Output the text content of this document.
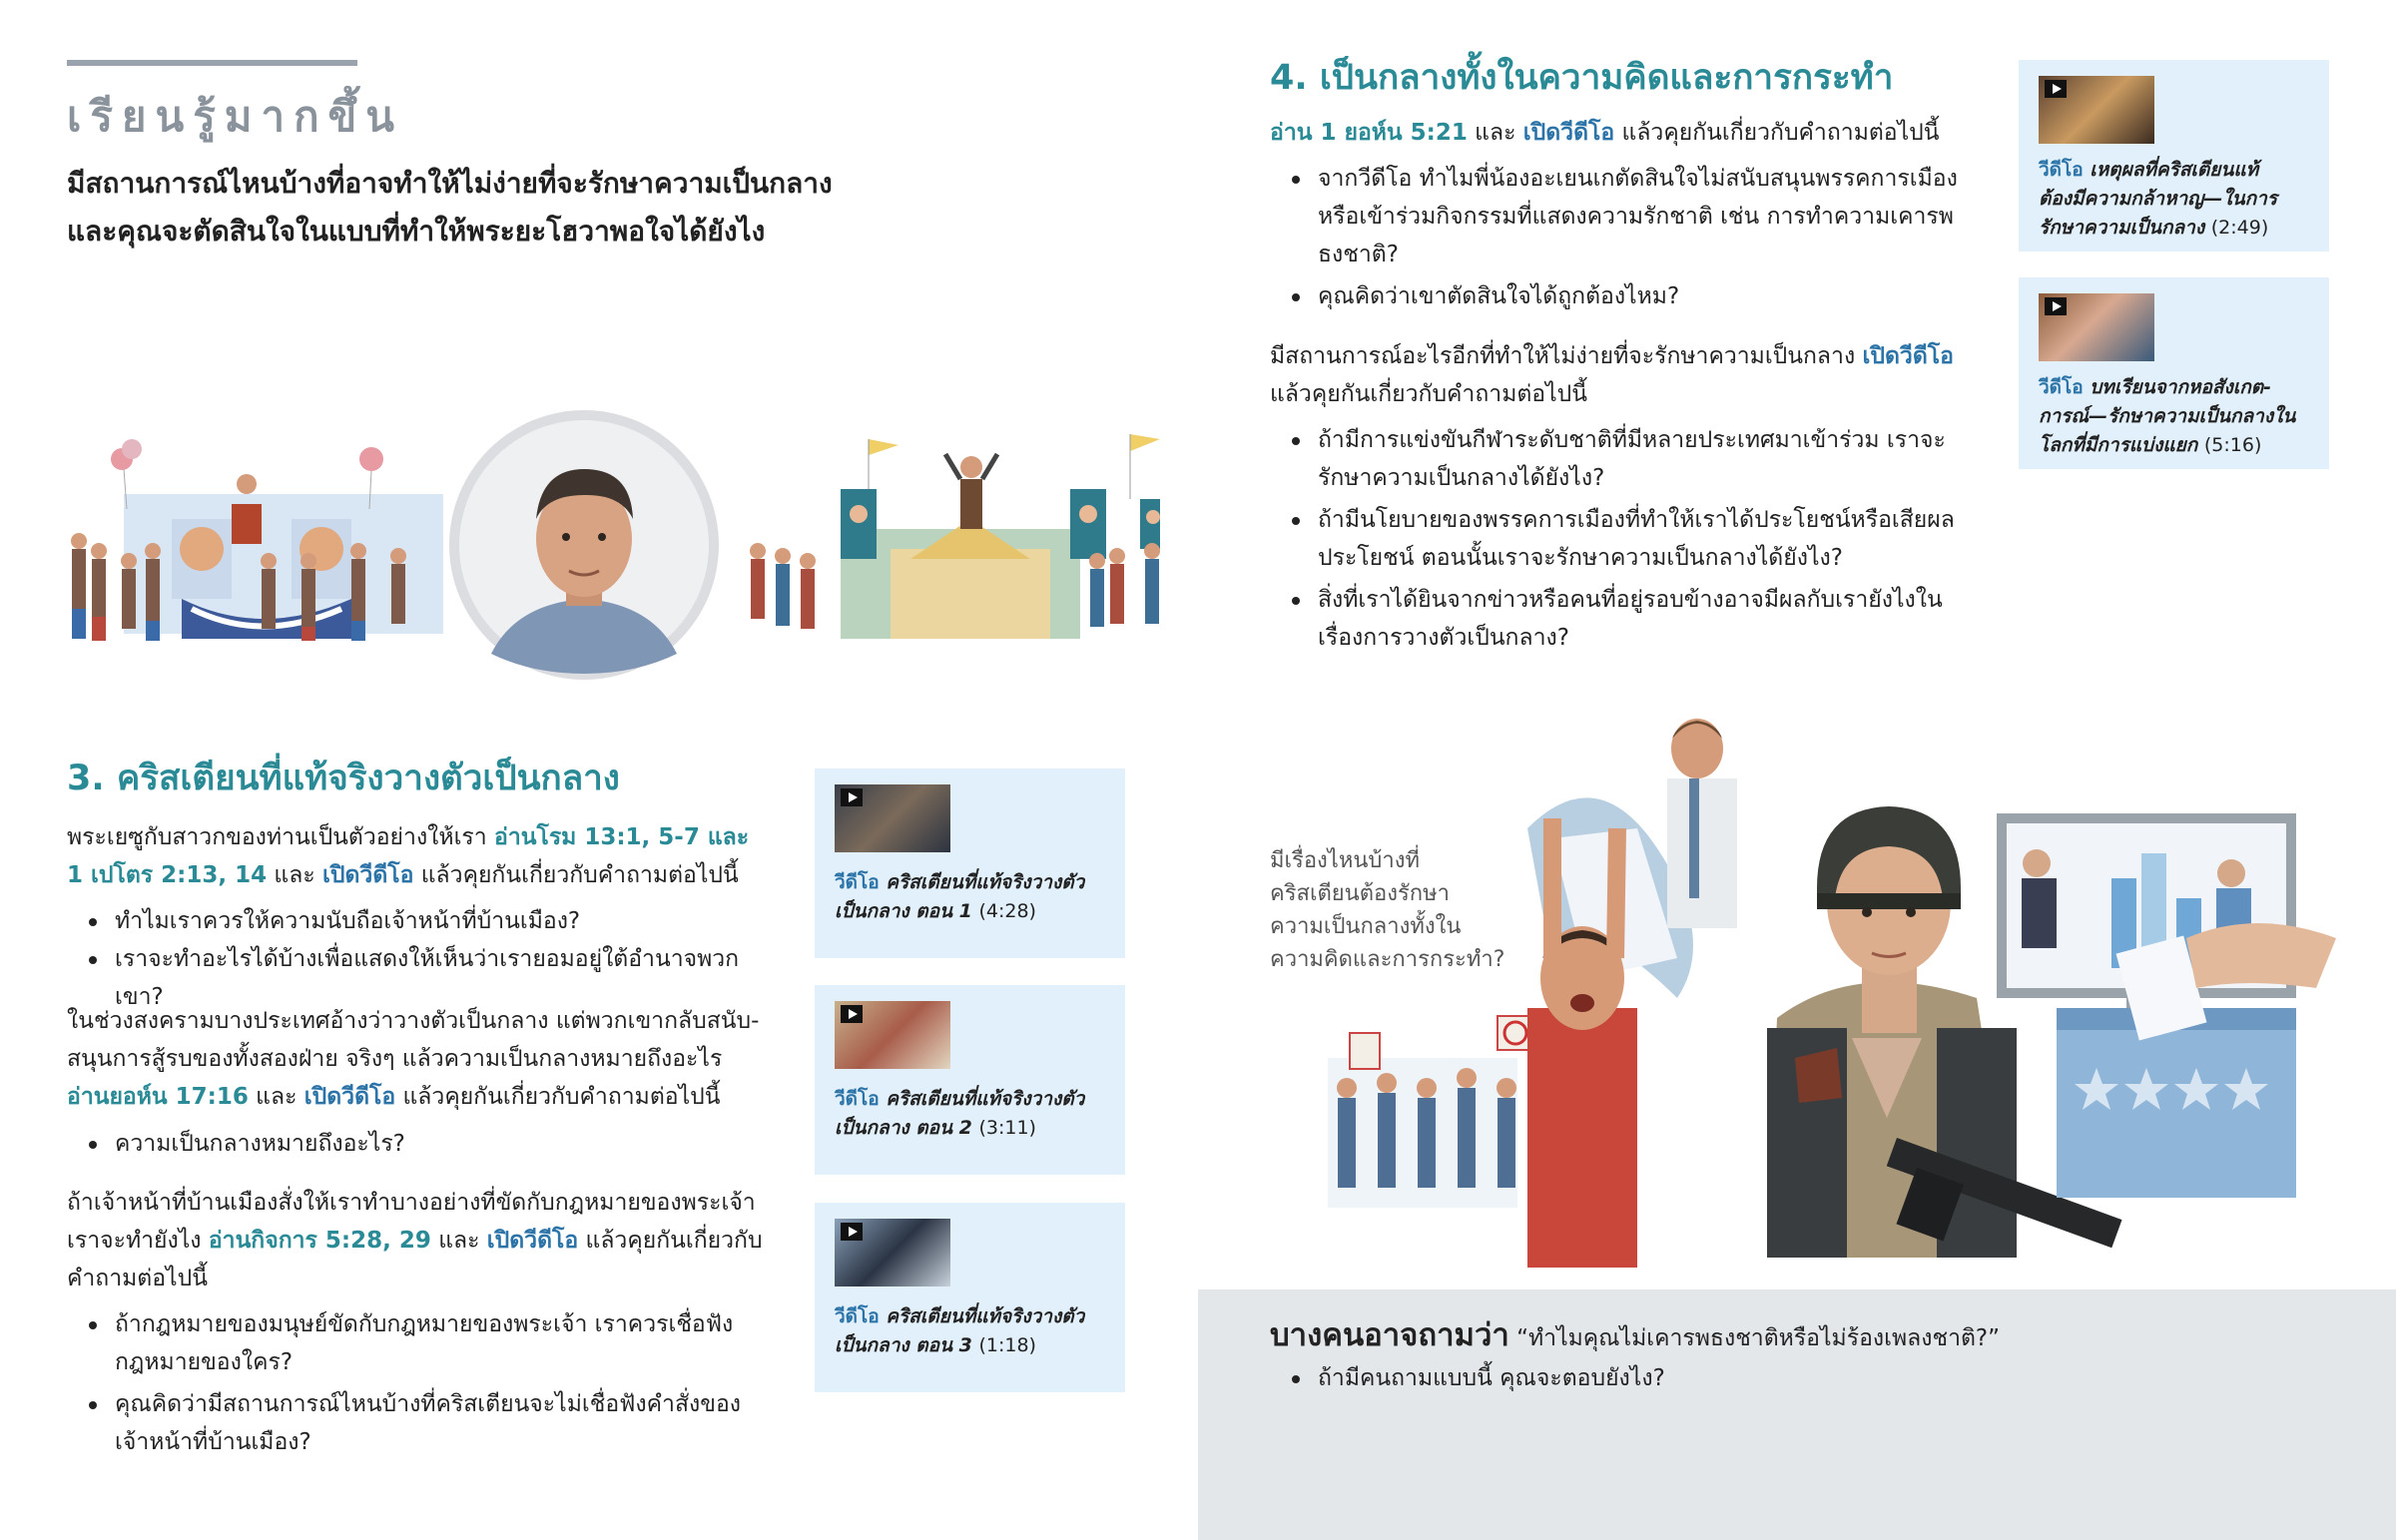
เรียนรู้มากขึ้น
มีสถานการณ์ไหนบ้างที่อาจทำให้ไม่ง่ายที่จะรักษาความเป็นกลาง
และคุณจะตัดสินใจในแบบที่ทำให้พระยะโฮวาพอใจได้ยังไง
3. คริสเตียนที่แท้จริงวางตัวเป็นกลาง
พระเยซูกับสาวกของท่านเป็นตัวอย่างให้เรา อ่านโรม 13:1, 5-7 และ
1 เปโตร 2:13, 14 และ เปิดวีดีโอ แล้วคุยกันเกี่ยวกับคำถามต่อไปนี้
ทำไมเราควรให้ความนับถือเจ้าหน้าที่บ้านเมือง?
เราจะทำอะไรได้บ้างเพื่อแสดงให้เห็นว่าเรายอมอยู่ใต้อำนาจพวกเขา?
ในช่วงสงครามบางประเทศอ้างว่าวางตัวเป็นกลาง แต่พวกเขากลับสนับ-
สนุนการสู้รบของทั้งสองฝ่าย จริงๆ แล้วความเป็นกลางหมายถึงอะไร
อ่านยอห์น 17:16 และ เปิดวีดีโอ แล้วคุยกันเกี่ยวกับคำถามต่อไปนี้
ความเป็นกลางหมายถึงอะไร?
ถ้าเจ้าหน้าที่บ้านเมืองสั่งให้เราทำบางอย่างที่ขัดกับกฎหมายของพระเจ้า
เราจะทำยังไง อ่านกิจการ 5:28, 29 และ เปิดวีดีโอ แล้วคุยกันเกี่ยวกับ
คำถามต่อไปนี้
ถ้ากฎหมายของมนุษย์ขัดกับกฎหมายของพระเจ้า เราควรเชื่อฟัง
กฎหมายของใคร?
คุณคิดว่ามีสถานการณ์ไหนบ้างที่คริสเตียนจะไม่เชื่อฟังคำสั่งของ
เจ้าหน้าที่บ้านเมือง?
วีดีโอ คริสเตียนที่แท้จริงวางตัว
เป็นกลาง ตอน 1 (4:28)
วีดีโอ คริสเตียนที่แท้จริงวางตัว
เป็นกลาง ตอน 2 (3:11)
วีดีโอ คริสเตียนที่แท้จริงวางตัว
เป็นกลาง ตอน 3 (1:18)
4. เป็นกลางทั้งในความคิดและการกระทำ
อ่าน 1 ยอห์น 5:21 และ เปิดวีดีโอ แล้วคุยกันเกี่ยวกับคำถามต่อไปนี้
จากวีดีโอ ทำไมพี่น้องอะเยนเกตัดสินใจไม่สนับสนุนพรรคการเมือง
หรือเข้าร่วมกิจกรรมที่แสดงความรักชาติ เช่น การทำความเคารพ
ธงชาติ?
คุณคิดว่าเขาตัดสินใจได้ถูกต้องไหม?
มีสถานการณ์อะไรอีกที่ทำให้ไม่ง่ายที่จะรักษาความเป็นกลาง เปิดวีดีโอ
แล้วคุยกันเกี่ยวกับคำถามต่อไปนี้
ถ้ามีการแข่งขันกีฬาระดับชาติที่มีหลายประเทศมาเข้าร่วม เราจะ
รักษาความเป็นกลางได้ยังไง?
ถ้ามีนโยบายของพรรคการเมืองที่ทำให้เราได้ประโยชน์หรือเสียผล
ประโยชน์ ตอนนั้นเราจะรักษาความเป็นกลางได้ยังไง?
สิ่งที่เราได้ยินจากข่าวหรือคนที่อยู่รอบข้างอาจมีผลกับเรายังไงใน
เรื่องการวางตัวเป็นกลาง?
วีดีโอ เหตุผลที่คริสเตียนแท้
ต้องมีความกล้าหาญ—ในการ
รักษาความเป็นกลาง (2:49)
วีดีโอ บทเรียนจากหอสังเกต-
การณ์—รักษาความเป็นกลางใน
โลกที่มีการแบ่งแยก (5:16)
มีเรื่องไหนบ้างที่
คริสเตียนต้องรักษา
ความเป็นกลางทั้งใน
ความคิดและการกระทำ?
บางคนอาจถามว่า “ทำไมคุณไม่เคารพธงชาติหรือไม่ร้องเพลงชาติ?”
ถ้ามีคนถามแบบนี้ คุณจะตอบยังไง?
